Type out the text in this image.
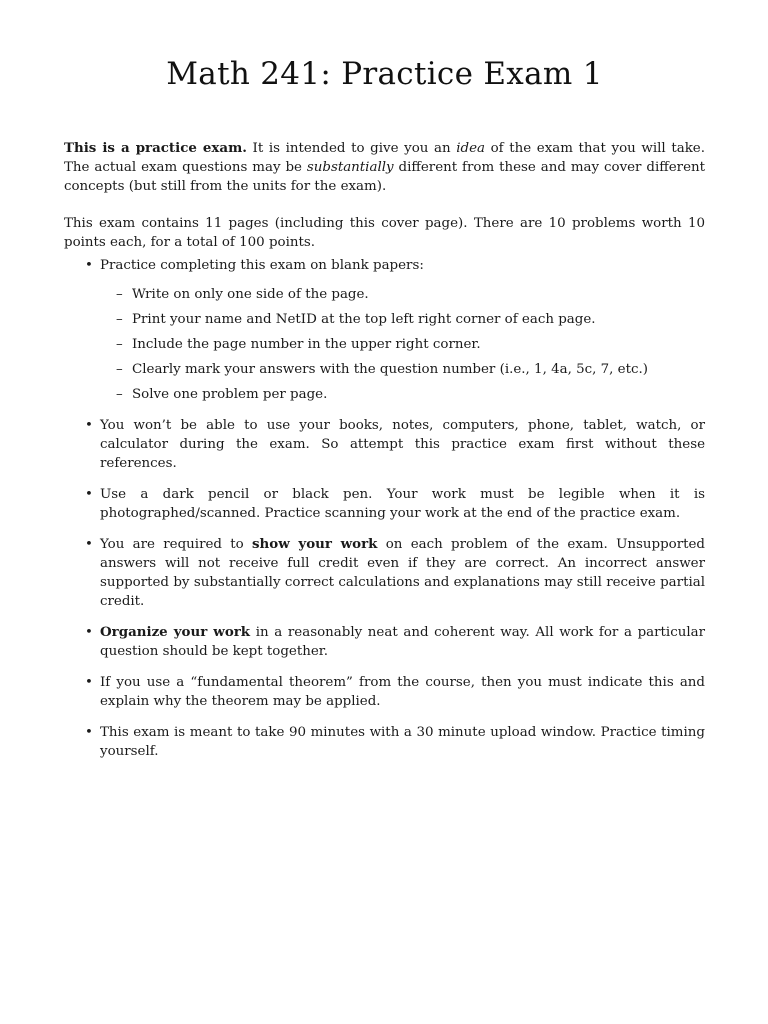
Math 241: Practice Exam 1

This is a practice exam. It is intended to give you an idea of the exam that you will take. The actual exam questions may be substantially different from these and may cover different concepts (but still from the units for the exam).

This exam contains 11 pages (including this cover page). There are 10 problems worth 10 points each, for a total of 100 points.

• Practice completing this exam on blank papers:
– Write on only one side of the page.
– Print your name and NetID at the top left right corner of each page.
– Include the page number in the upper right corner.
– Clearly mark your answers with the question number (i.e., 1, 4a, 5c, 7, etc.)
– Solve one problem per page.
• You won’t be able to use your books, notes, computers, phone, tablet, watch, or calculator during the exam. So attempt this practice exam first without these references.
• Use a dark pencil or black pen. Your work must be legible when it is photographed/scanned. Practice scanning your work at the end of the practice exam.
• You are required to show your work on each problem of the exam. Unsupported answers will not receive full credit even if they are correct. An incorrect answer supported by substantially correct calculations and explanations may still receive partial credit.
• Organize your work in a reasonably neat and coherent way. All work for a particular question should be kept together.
• If you use a “fundamental theorem” from the course, then you must indicate this and explain why the theorem may be applied.
• This exam is meant to take 90 minutes with a 30 minute upload window. Practice timing yourself.
